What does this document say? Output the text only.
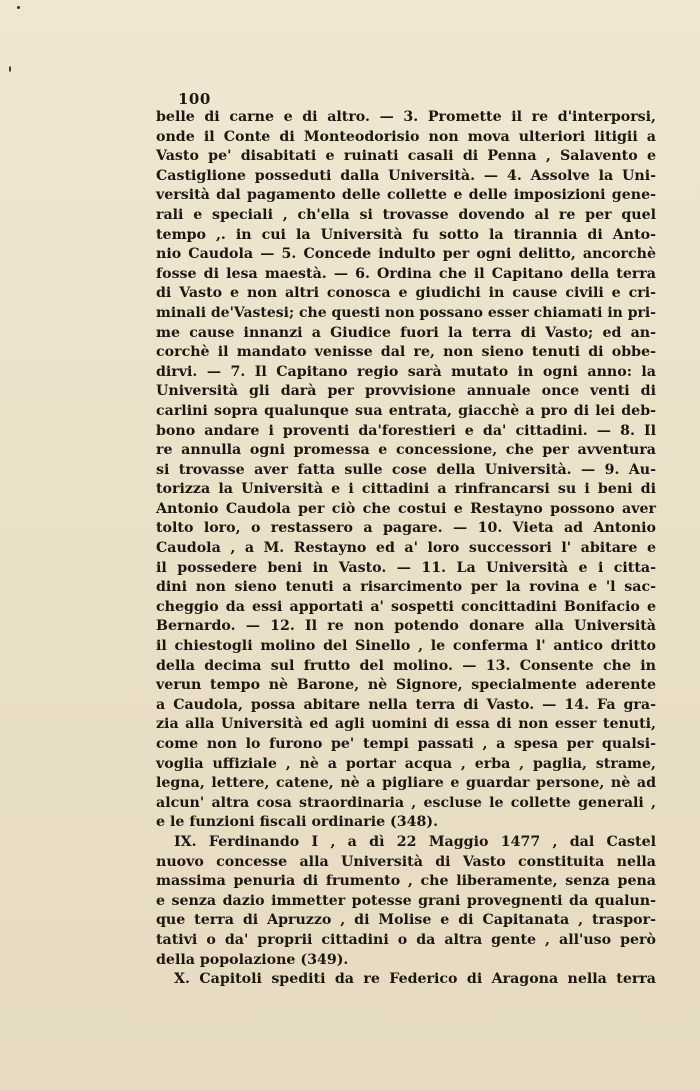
100
belle di carne e di altro. — 3. Promette il re d'interporsi,
onde il Conte di Monteodorisio non mova ulteriori litigii a
Vasto pe' disabitati e ruinati casali di Penna , Salavento e
Castiglione posseduti dalla Università. — 4. Assolve la Uni-
versità dal pagamento delle collette e delle imposizioni gene-
rali e speciali , ch'ella si trovasse dovendo al re per quel
tempo ,. in cui la Università fu sotto la tirannia di Anto-
nio Caudola — 5. Concede indulto per ogni delitto, ancorchè
fosse di lesa maestà. — 6. Ordina che il Capitano della terra
di Vasto e non altri conosca e giudichi in cause civili e cri-
minali de'Vastesi; che questi non possano esser chiamati in pri-
me cause innanzi a Giudice fuori la terra di Vasto; ed an-
corchè il mandato venisse dal re, non sieno tenuti di obbe-
dirvi. — 7. Il Capitano regio sarà mutato in ogni anno: la
Università gli darà per provvisione annuale once venti di
carlini sopra qualunque sua entrata, giacchè a pro di lei deb-
bono andare i proventi da'forestieri e da' cittadini. — 8. Il
re annulla ogni promessa e concessione, che per avventura
si trovasse aver fatta sulle cose della Università. — 9. Au-
torizza la Università e i cittadini a rinfrancarsi su i beni di
Antonio Caudola per ciò che costui e Restayno possono aver
tolto loro, o restassero a pagare. — 10. Vieta ad Antonio
Caudola , a M. Restayno ed a' loro successori l' abitare e
il possedere beni in Vasto. — 11. La Università e i citta-
dini non sieno tenuti a risarcimento per la rovina e 'l sac-
cheggio da essi apportati a' sospetti concittadini Bonifacio e
Bernardo. — 12. Il re non potendo donare alla Università
il chiestogli molino del Sinello , le conferma l' antico dritto
della decima sul frutto del molino. — 13. Consente che in
verun tempo nè Barone, nè Signore, specialmente aderente
a Caudola, possa abitare nella terra di Vasto. — 14. Fa gra-
zia alla Università ed agli uomini di essa di non esser tenuti,
come non lo furono pe' tempi passati , a spesa per qualsi-
voglia uffiziale , nè a portar acqua , erba , paglia, strame,
legna, lettere, catene, nè a pigliare e guardar persone, nè ad
alcun' altra cosa straordinaria , escluse le collette generali ,
e le funzioni fiscali ordinarie (348).
IX. Ferdinando I , a dì 22 Maggio 1477 , dal Castel
nuovo concesse alla Università di Vasto constituita nella
massima penuria di frumento , che liberamente, senza pena
e senza dazio immetter potesse grani provegnenti da qualun-
que terra di Apruzzo , di Molise e di Capitanata , traspor-
tativi o da' proprii cittadini o da altra gente , all'uso però
della popolazione (349).
X. Capitoli spediti da re Federico di Aragona nella terra
